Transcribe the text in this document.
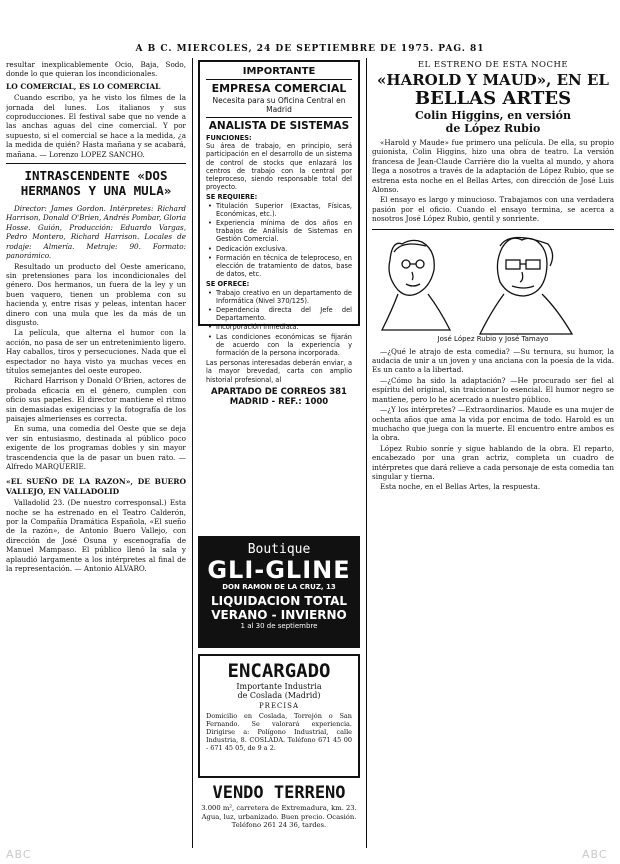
A B C. MIERCOLES, 24 DE SEPTIEMBRE DE 1975. PAG. 81

resultar inexplicablemente Ocio, Baja, Sodo, donde lo que quieran los incondicionales.

LO COMERCIAL, ES LO COMERCIAL

Cuando escribo, ya he visto los filmes de la jornada del lunes. Los italianos y sus coproducciones. El festival sabe que no vende a las anchas aguas del cine comercial. Y por supuesto, si el comercial se hace a la medida, ¿a la medida de quién? Hasta mañana y se acabará, mañana. — Lorenzo LOPEZ SANCHO.

INTRASCENDENTE «DOS HERMANOS Y UNA MULA»

Director: James Gordon. Intérpretes: Richard Harrison, Donald O'Brien, Andrés Pombar, Gloria Hosse. Guión, Producción: Eduardo Vargas, Pedro Montero, Richard Harrison. Locales de rodaje: Almería. Metraje: 90. Formato: panorámico.

Resultado un producto del Oeste americano, sin pretensiones para los incondicionales del género. Dos hermanos, un fuera de la ley y un buen vaquero, tienen un problema con su hacienda y, entre risas y peleas, intentan hacer dinero con una mula que les da más de un disgusto.

La película, que alterna el humor con la acción, no pasa de ser un entretenimiento ligero. Hay caballos, tiros y persecuciones. Nada que el espectador no haya visto ya muchas veces en títulos semejantes del oeste europeo.

Richard Harrison y Donald O'Brien, actores de probada eficacia en el género, cumplen con oficio sus papeles. El director mantiene el ritmo sin demasiadas exigencias y la fotografía de los paisajes almerienses es correcta.

En suma, una comedia del Oeste que se deja ver sin entusiasmo, destinada al público poco exigente de los programas dobles y sin mayor trascendencia que la de pasar un buen rato. — Alfredo MARQUERIE.

«EL SUEÑO DE LA RAZON», DE BUERO VALLEJO, EN VALLADOLID

Valladolid 23. (De nuestro corresponsal.) Esta noche se ha estrenado en el Teatro Calderón, por la Compañía Dramática Española, «El sueño de la razón», de Antonio Buero Vallejo, con dirección de José Osuna y escenografía de Manuel Mampaso. El público llenó la sala y aplaudió largamente a los intérpretes al final de la representación. — Antonio ALVARO.

IMPORTANTE
EMPRESA COMERCIAL
Necesita para su Oficina Central en Madrid
ANALISTA DE SISTEMAS
FUNCIONES:
Su área de trabajo, en principio, será participación en el desarrollo de un sistema de control de stocks que enlazará los centros de trabajo con la central por teleproceso, siendo responsable total del proyecto.
SE REQUIERE:
• Titulación Superior (Exactas, Físicas, Económicas, etc.).
• Experiencia mínima de dos años en trabajos de Análisis de Sistemas en Gestión Comercial.
• Dedicación exclusiva.
• Formación en técnica de teleproceso, en elección de tratamiento de datos, base de datos, etc.
SE OFRECE:
• Trabajo creativo en un departamento de Informática (Nivel 370/125).
• Dependencia directa del Jefe del Departamento.
• Incorporación inmediata.
• Las condiciones económicas se fijarán de acuerdo con la experiencia y formación de la persona incorporada.
Las personas interesadas deberán enviar, a la mayor brevedad, carta con amplio historial profesional, al
APARTADO DE CORREOS 381
MADRID - REF.: 1000
Boutique
GLI-GLINE
DON RAMON DE LA CRUZ, 13
LIQUIDACION TOTAL
VERANO - INVIERNO
1 al 30 de septiembre
ENCARGADO
Importante Industria
de Coslada (Madrid)
PRECISA
Domicilio en Coslada, Torrejón o San Fernando. Se valorará experiencia. Dirigirse a: Polígono Industrial, calle Industria, 8. COSLADA. Teléfono 671 45 00 - 671 45 05, de 9 a 2.
VENDO TERRENO
3.000 m², carretera de Extremadura, km. 23. Agua, luz, urbanizado. Buen precio. Ocasión. Teléfono 261 24 36, tardes.
EL ESTRENO DE ESTA NOCHE
«HAROLD Y MAUD», EN EL
BELLAS ARTES
Colin Higgins, en versión
de López Rubio

«Harold y Maude» fue primero una película. De ella, su propio guionista, Colin Higgins, hizo una obra de teatro. La versión francesa de Jean-Claude Carrière dio la vuelta al mundo, y ahora llega a nosotros a través de la adaptación de López Rubio, que se estrena esta noche en el Bellas Artes, con dirección de José Luis Alonso.

El ensayo es largo y minucioso. Trabajamos con una verdadera pasión por el oficio. Cuando el ensayo termina, se acerca a nosotros José López Rubio, gentil y sonriente.

José López Rubio y José Tamayo

—¿Qué le atrajo de esta comedia? —Su ternura, su humor, la audacia de unir a un joven y una anciana con la poesía de la vida. Es un canto a la libertad.

—¿Cómo ha sido la adaptación? —He procurado ser fiel al espíritu del original, sin traicionar lo esencial. El humor negro se mantiene, pero lo he acercado a nuestro público.

—¿Y los intérpretes? —Extraordinarios. Maude es una mujer de ochenta años que ama la vida por encima de todo. Harold es un muchacho que juega con la muerte. El encuentro entre ambos es la obra.

López Rubio sonríe y sigue hablando de la obra. El reparto, encabezado por una gran actriz, completa un cuadro de intérpretes que dará relieve a cada personaje de esta comedia tan singular y tierna.

Esta noche, en el Bellas Artes, la respuesta.

ABC	ABC
